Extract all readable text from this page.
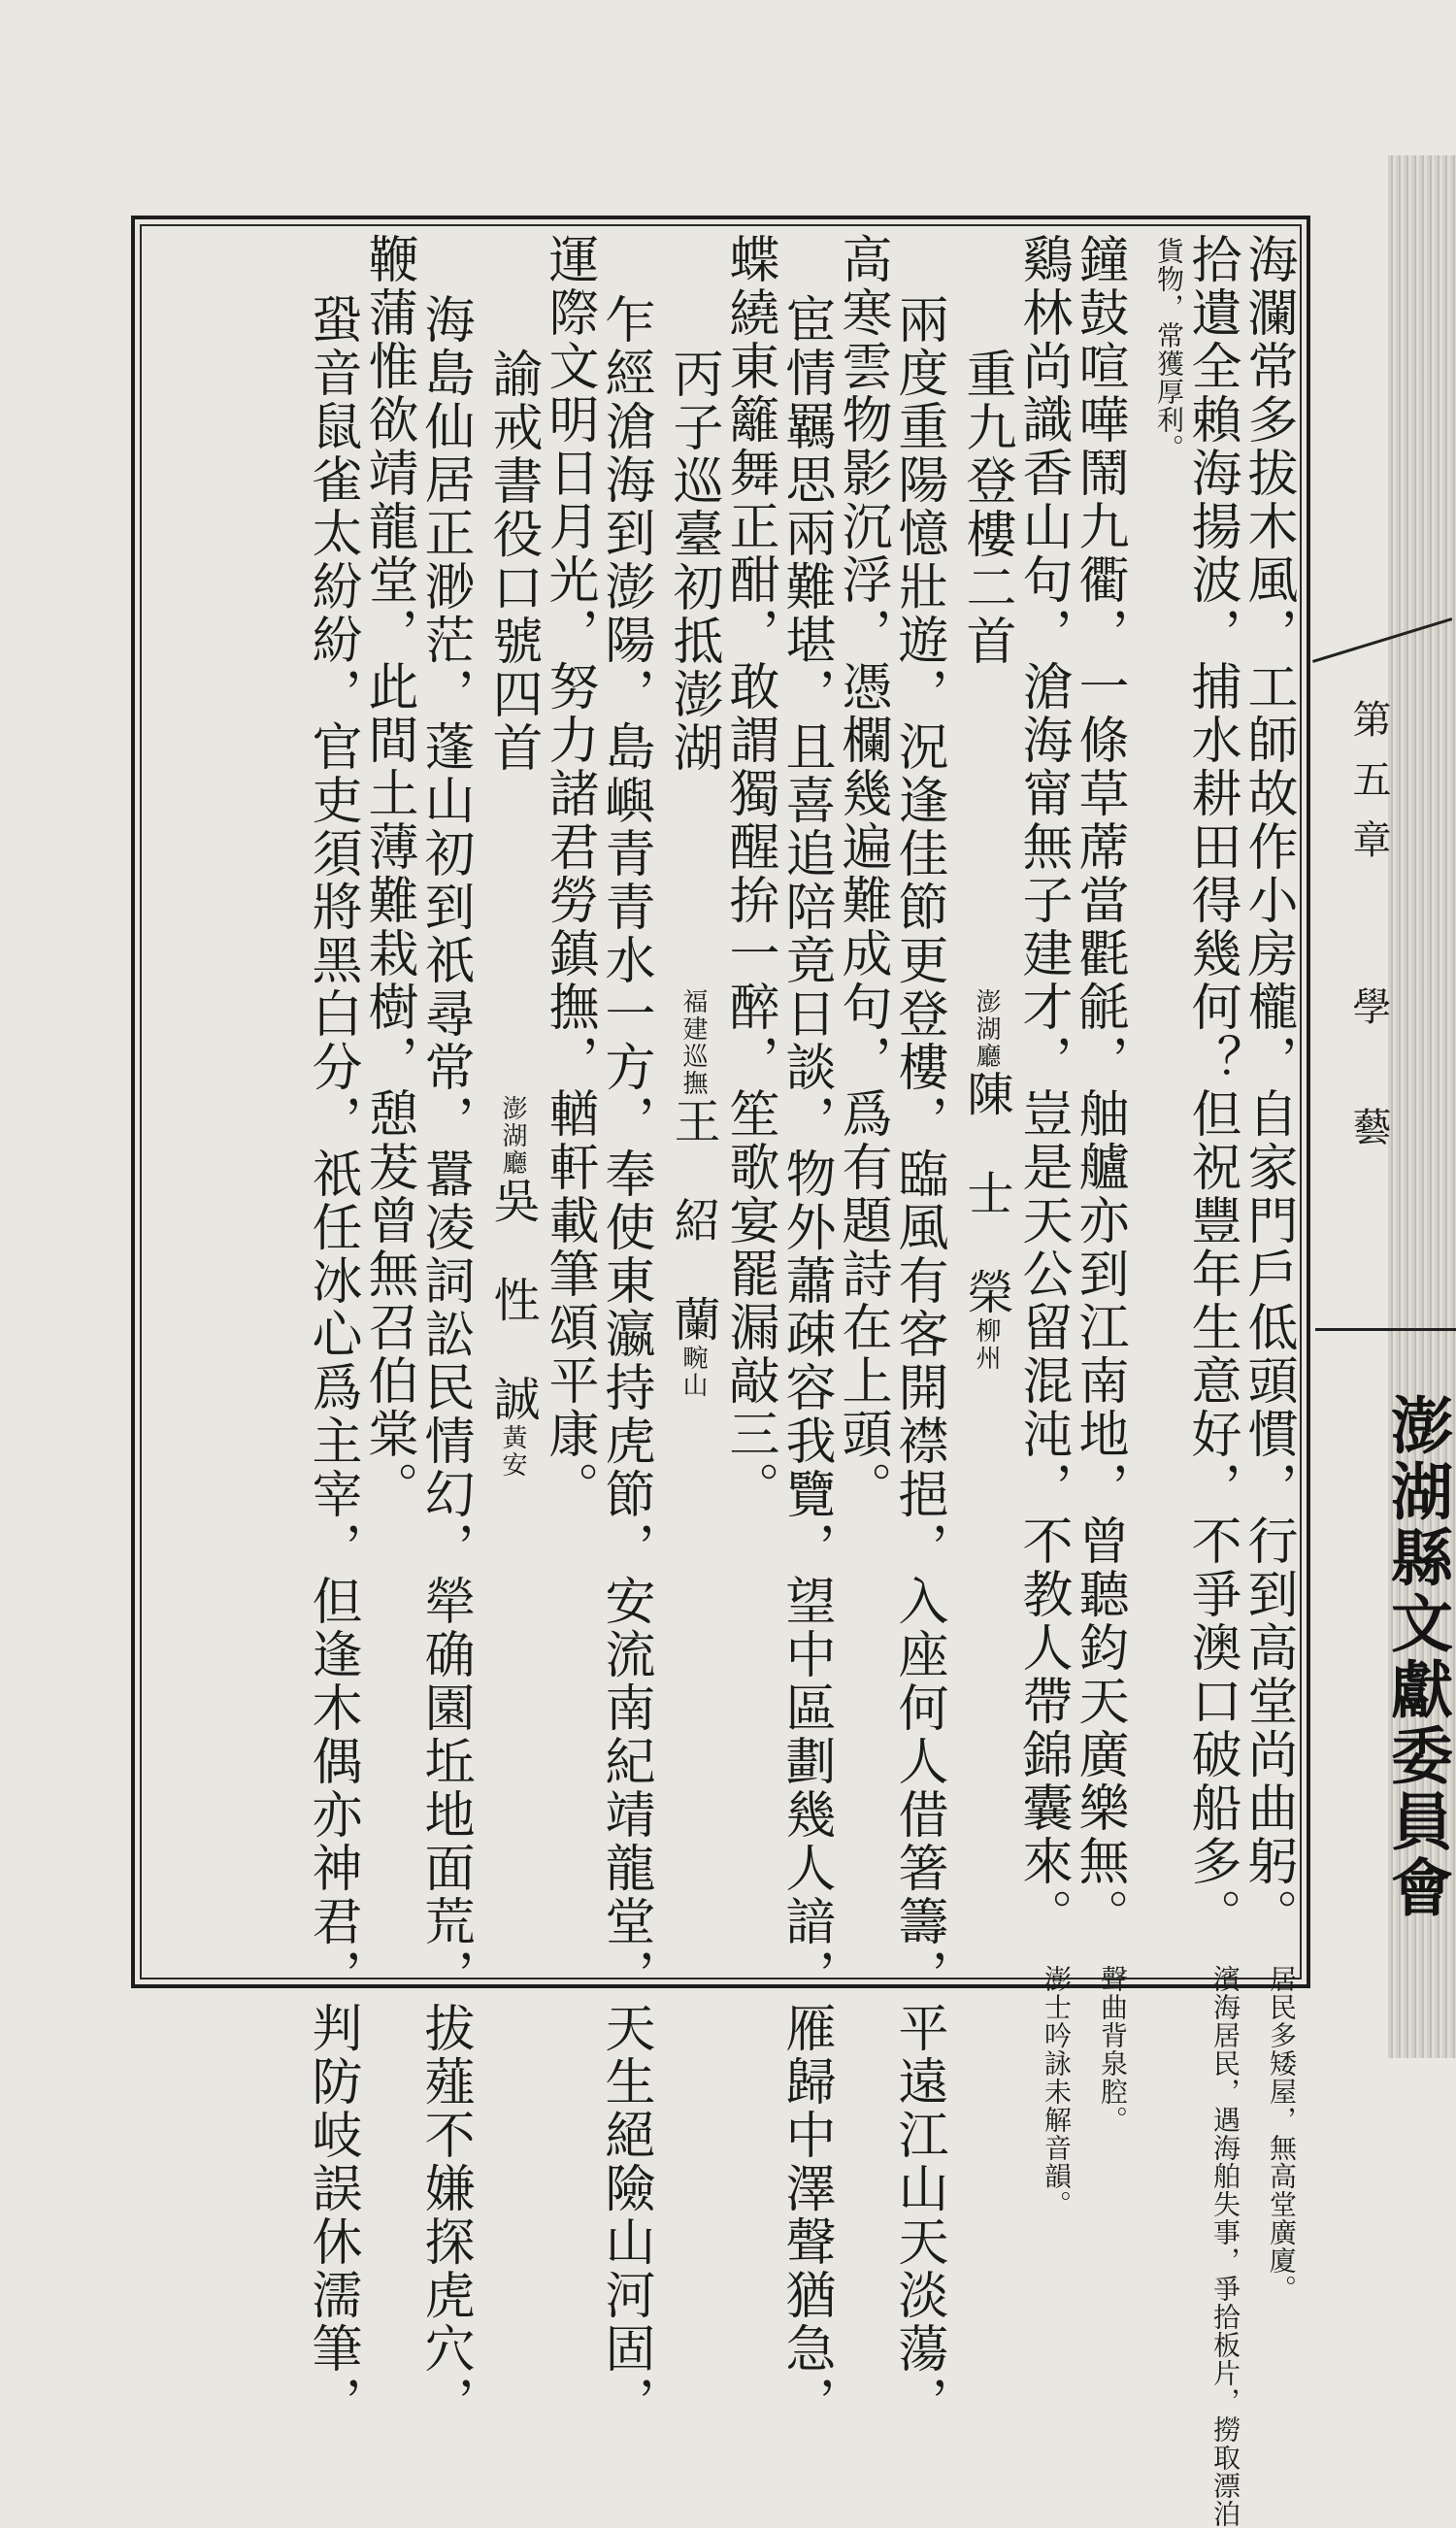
第五章學　藝
澎湖縣文獻委員會

海瀾常多拔木風，工師故作小房櫳，自家門戶低頭慣，行到高堂尚曲躬。 居民多矮屋，無高堂廣廈。

拾遺全賴海揚波，捕水耕田得幾何？但祝豐年生意好，不爭澳口破船多。 濱海居民，遇海舶失事，爭拾板片，撈取漂泊

貨物，常獲厚利。

鐘鼓喧嘩鬧九衢，一條草蓆當氍毹，舳艫亦到江南地，曾聽鈞天廣樂無。 聲曲背泉腔。

鷄林尚識香山句，滄海甯無子建才，豈是天公留混沌，不教人帶錦囊來。 澎士吟詠未解音韻。

重九登樓二首澎湖廳陳　士　榮柳州

兩度重陽憶壯遊，況逢佳節更登樓，臨風有客開襟挹，入座何人借箸籌，平遠江山天淡蕩，

高寒雲物影沉浮，憑欄幾遍難成句，爲有題詩在上頭。

宦情羈思兩難堪，且喜追陪竟日談，物外蕭疎容我覽，望中區劃幾人諳，雁歸中澤聲猶急，

蝶繞東籬舞正酣，敢謂獨醒拚一醉，笙歌宴罷漏敲三。

丙子巡臺初抵澎湖福建巡撫王　紹　蘭畹山

乍經滄海到澎陽，島嶼青青水一方，奉使東瀛持虎節，安流南紀靖龍堂，天生絕險山河固，

運際文明日月光，努力諸君勞鎮撫，輶軒載筆頌平康。

諭戒書役口號四首澎湖廳吳　性　誠黃安

海島仙居正渺茫，蓬山初到祇尋常，囂凌詞訟民情幻，犖确園坵地面荒，拔薤不嫌探虎穴，

鞭蒲惟欲靖龍堂，此間土薄難栽樹，憩茇曾無召伯棠。

蛩音鼠雀太紛紛，官吏須將黑白分，祇任冰心爲主宰，但逢木偶亦神君，判防岐誤休濡筆，
